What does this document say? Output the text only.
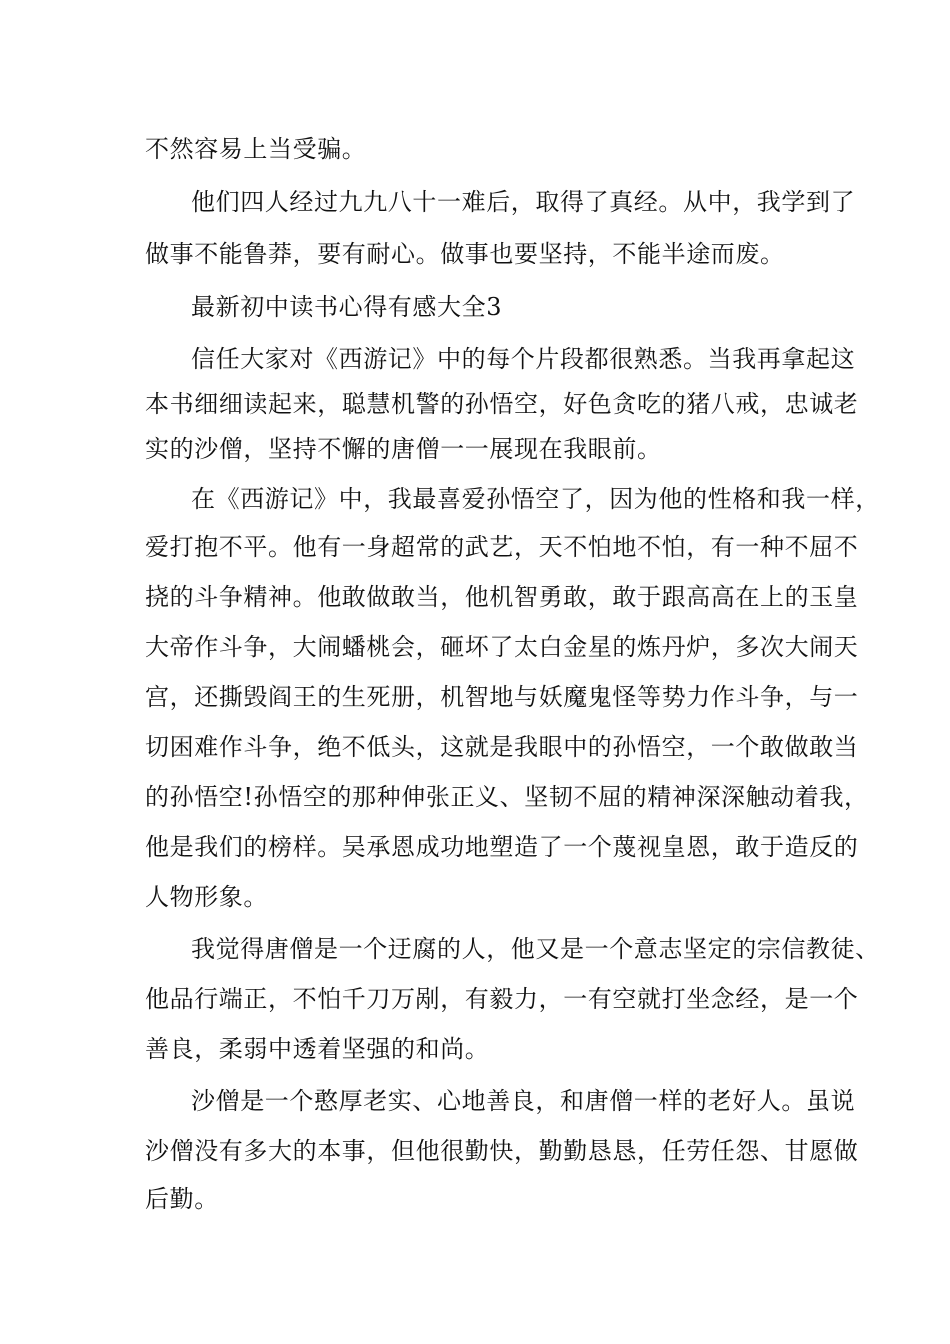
不然容易上当受骗。
他们四人经过九九八十一难后，取得了真经。从中，我学到了
做事不能鲁莽，要有耐心。做事也要坚持，不能半途而废。
最新初中读书心得有感大全3
信任大家对《西游记》中的每个片段都很熟悉。当我再拿起这
本书细细读起来，聪慧机警的孙悟空，好色贪吃的猪八戒，忠诚老
实的沙僧，坚持不懈的唐僧一一展现在我眼前。
在《西游记》中，我最喜爱孙悟空了，因为他的性格和我一样，
爱打抱不平。他有一身超常的武艺，天不怕地不怕，有一种不屈不
挠的斗争精神。他敢做敢当，他机智勇敢，敢于跟高高在上的玉皇
大帝作斗争，大闹蟠桃会，砸坏了太白金星的炼丹炉，多次大闹天
宫，还撕毁阎王的生死册，机智地与妖魔鬼怪等势力作斗争，与一
切困难作斗争，绝不低头，这就是我眼中的孙悟空，一个敢做敢当
的孙悟空!孙悟空的那种伸张正义、坚韧不屈的精神深深触动着我，
他是我们的榜样。吴承恩成功地塑造了一个蔑视皇恩，敢于造反的
人物形象。
我觉得唐僧是一个迂腐的人，他又是一个意志坚定的宗信教徒、
他品行端正，不怕千刀万剐，有毅力，一有空就打坐念经，是一个
善良，柔弱中透着坚强的和尚。
沙僧是一个憨厚老实、心地善良，和唐僧一样的老好人。虽说
沙僧没有多大的本事，但他很勤快，勤勤恳恳，任劳任怨、甘愿做
后勤。
